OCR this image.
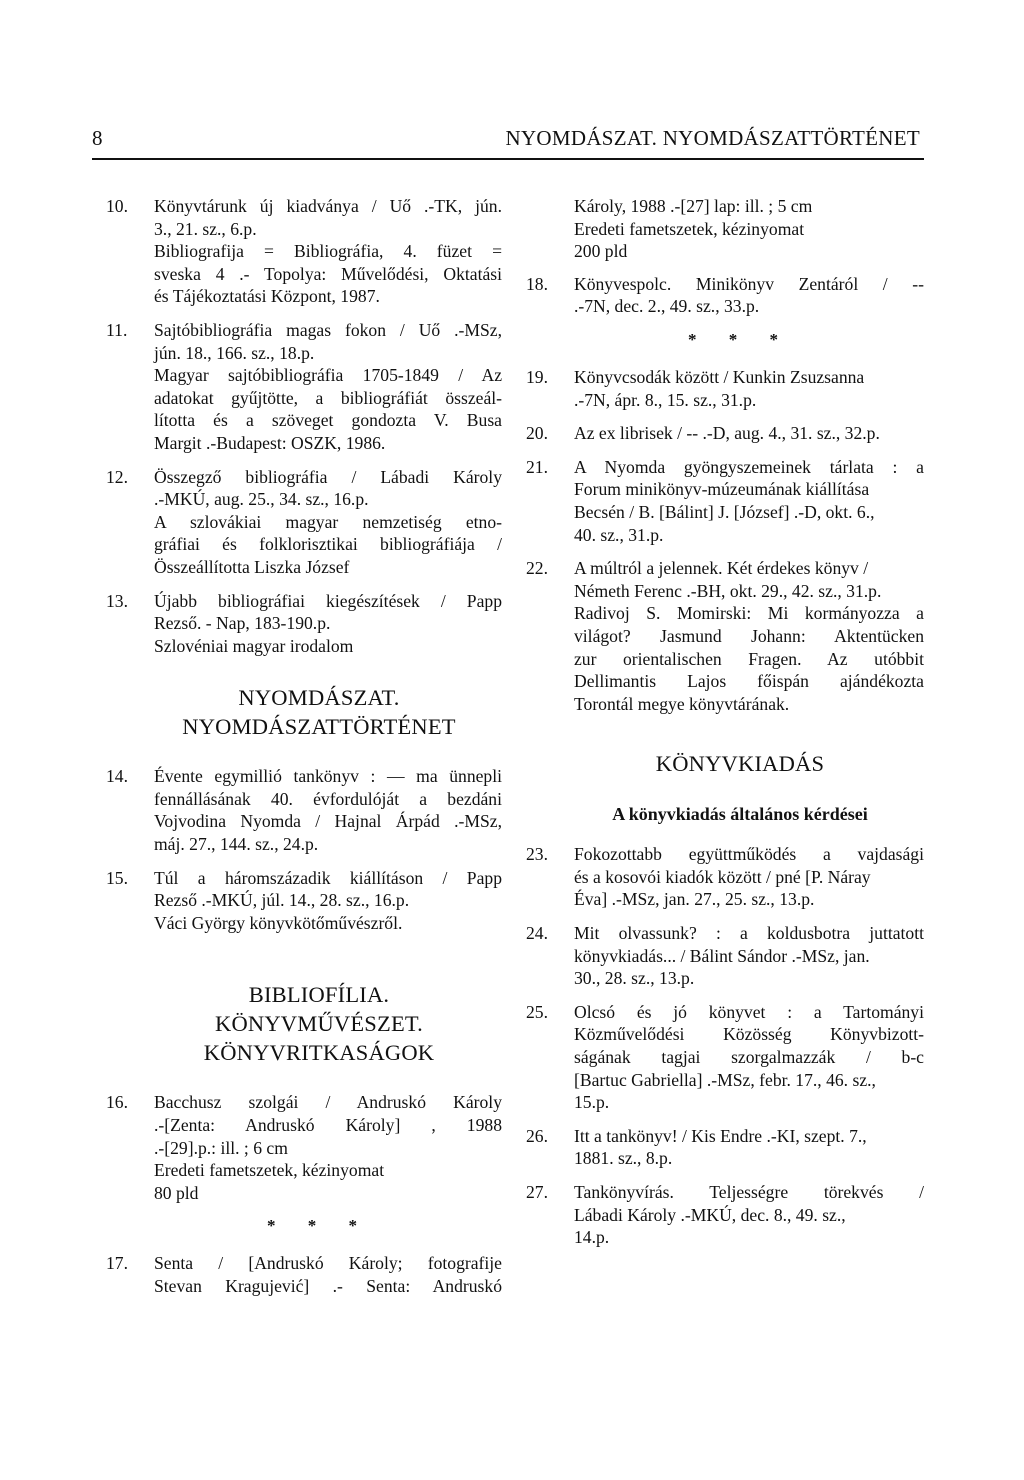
8	NYOMDÁSZAT. NYOMDÁSZATTÖRTÉNET
10.	Könyvtárunk új kiadványa / Uő .-TK, jún.
3., 21. sz., 6.p.
Bibliografija = Bibliográfia, 4. füzet =
sveska 4 .- Topolya: Művelődési, Oktatási
és Tájékoztatási Központ, 1987.
11.	Sajtóbibliográfia magas fokon / Uő .-MSz,
jún. 18., 166. sz., 18.p.
Magyar sajtóbibliográfia 1705-1849 / Az
adatokat gyűjtötte, a bibliográfiát összeál-
lította és a szöveget gondozta V. Busa
Margit .-Budapest: OSZK, 1986.
12.	Összegző bibliográfia / Lábadi Károly
.-MKÚ, aug. 25., 34. sz., 16.p.
A szlovákiai magyar nemzetiség etno-
gráfiai és folklorisztikai bibliográfiája /
Összeállította Liszka József
13.	Újabb bibliográfiai kiegészítések / Papp
Rezső. - Nap, 183-190.p.
Szlovéniai magyar irodalom
NYOMDÁSZAT.
NYOMDÁSZATTÖRTÉNET
14.	Évente egymillió tankönyv : — ma ünnepli
fennállásának 40. évfordulóját a bezdáni
Vojvodina Nyomda / Hajnal Árpád .-MSz,
máj. 27., 144. sz., 24.p.
15.	Túl a háromszázadik kiállításon / Papp
Rezső .-MKÚ, júl. 14., 28. sz., 16.p.
Váci György könyvkötőművészről.
BIBLIOFÍLIA.
KÖNYVMŰVÉSZET.
KÖNYVRITKASÁGOK
16.	Bacchusz szolgái / Andruskó Károly
.-[Zenta: Andruskó Károly] , 1988
.-[29].p.: ill. ; 6 cm
Eredeti fametszetek, kézinyomat
80 pld
* * *
17.	Senta / [Andruskó Károly; fotografije
Stevan Kragujević] .- Senta: Andruskó
Károly, 1988 .-[27] lap: ill. ; 5 cm
Eredeti fametszetek, kézinyomat
200 pld
18.	Könyvespolc. Minikönyv Zentáról / --
.-7N, dec. 2., 49. sz., 33.p.
* * *
19.	Könyvcsodák között / Kunkin Zsuzsanna
.-7N, ápr. 8., 15. sz., 31.p.
20.	Az ex librisek / -- .-D, aug. 4., 31. sz., 32.p.
21.	A Nyomda gyöngyszemeinek tárlata : a
Forum minikönyv-múzeumának kiállítása
Becsén / B. [Bálint] J. [József] .-D, okt. 6.,
40. sz., 31.p.
22.	A múltról a jelennek. Két érdekes könyv /
Németh Ferenc .-BH, okt. 29., 42. sz., 31.p.
Radivoj S. Momirski: Mi kormányozza a
világot? Jasmund Johann: Aktentücken
zur orientalischen Fragen. Az utóbbit
Dellimantis Lajos főispán ajándékozta
Torontál megye könyvtárának.
KÖNYVKIADÁS
A könyvkiadás általános kérdései
23.	Fokozottabb együttműködés a vajdasági
és a kosovói kiadók között / pné [P. Náray
Éva] .-MSz, jan. 27., 25. sz., 13.p.
24.	Mit olvassunk? : a koldusbotra juttatott
könyvkiadás... / Bálint Sándor .-MSz, jan.
30., 28. sz., 13.p.
25.	Olcsó és jó könyvet : a Tartományi
Közművelődési Közösség Könyvbizott-
ságának tagjai szorgalmazzák / b-c
[Bartuc Gabriella] .-MSz, febr. 17., 46. sz.,
15.p.
26.	Itt a tankönyv! / Kis Endre .-KI, szept. 7.,
1881. sz., 8.p.
27.	Tankönyvírás. Teljességre törekvés /
Lábadi Károly .-MKÚ, dec. 8., 49. sz.,
14.p.
